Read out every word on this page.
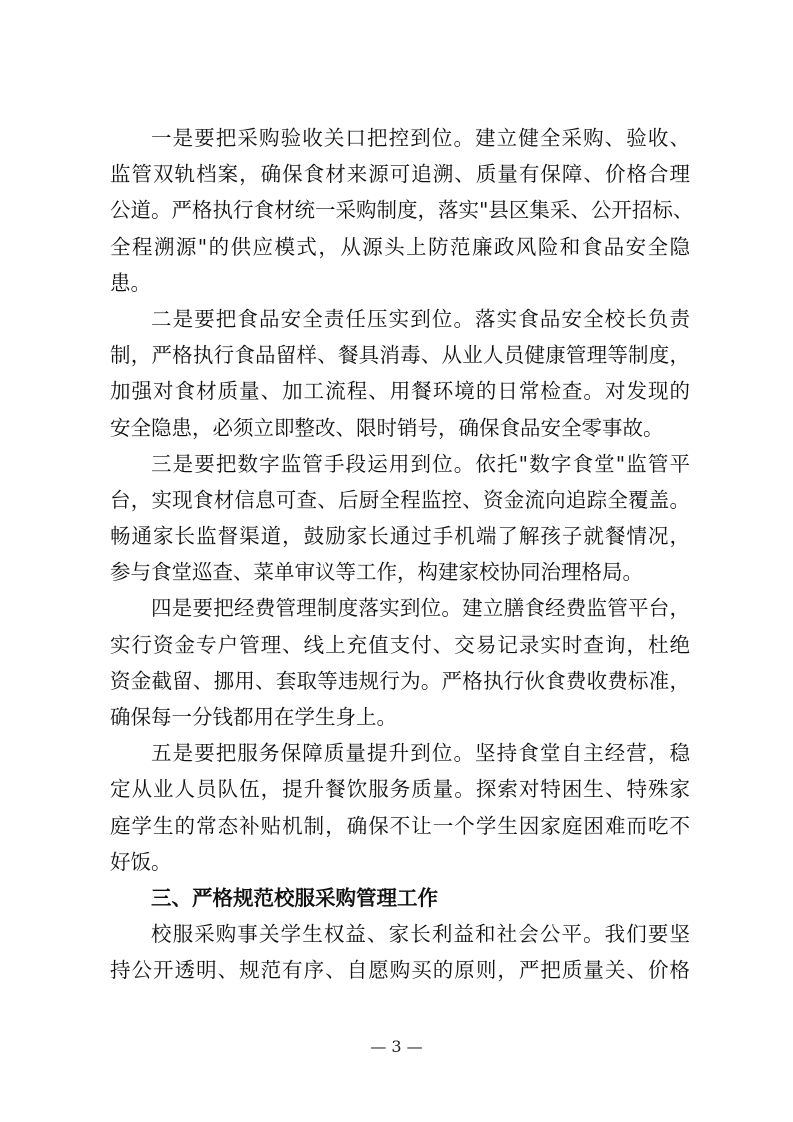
一是要把采购验收关口把控到位。建立健全采购、验收、
监管双轨档案，确保食材来源可追溯、质量有保障、价格合理
公道。严格执行食材统一采购制度，落实"县区集采、公开招标、
全程溯源"的供应模式，从源头上防范廉政风险和食品安全隐
患。
二是要把食品安全责任压实到位。落实食品安全校长负责
制，严格执行食品留样、餐具消毒、从业人员健康管理等制度，
加强对食材质量、加工流程、用餐环境的日常检查。对发现的
安全隐患，必须立即整改、限时销号，确保食品安全零事故。
三是要把数字监管手段运用到位。依托"数字食堂"监管平
台，实现食材信息可查、后厨全程监控、资金流向追踪全覆盖。
畅通家长监督渠道，鼓励家长通过手机端了解孩子就餐情况，
参与食堂巡查、菜单审议等工作，构建家校协同治理格局。
四是要把经费管理制度落实到位。建立膳食经费监管平台，
实行资金专户管理、线上充值支付、交易记录实时查询，杜绝
资金截留、挪用、套取等违规行为。严格执行伙食费收费标准，
确保每一分钱都用在学生身上。
五是要把服务保障质量提升到位。坚持食堂自主经营，稳
定从业人员队伍，提升餐饮服务质量。探索对特困生、特殊家
庭学生的常态补贴机制，确保不让一个学生因家庭困难而吃不
好饭。
三、严格规范校服采购管理工作
校服采购事关学生权益、家长利益和社会公平。我们要坚
持公开透明、规范有序、自愿购买的原则，严把质量关、价格
— 3 —
